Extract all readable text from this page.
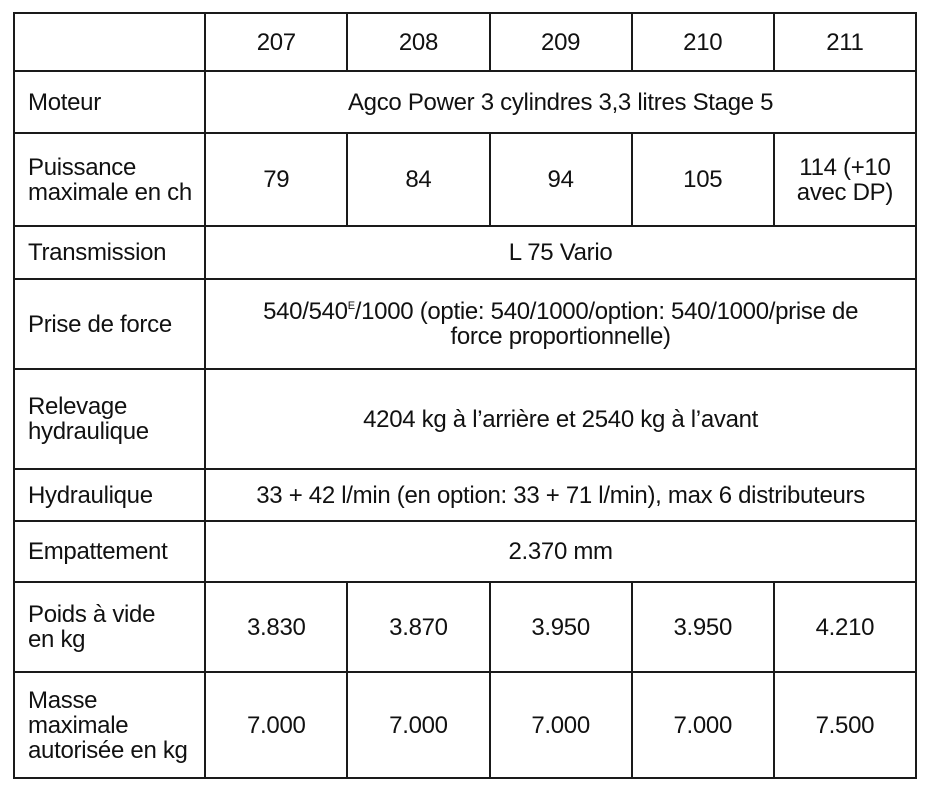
	207	208	209	210	211
Moteur	Agco Power 3 cylindres 3,3 litres Stage 5				

Puissance
maximale en ch	79	84	94	105	114 (+10
avec DP)

Transmission	L 75 Vario				
Prise de force	$540/540^E/1000$ (optie: 540/1000/option: 540/1000/prise de
force proportionnelle)				

Relevage
hydraulique	4204 kg à l’arrière et 2540 kg à l’avant				
Hydraulique	33 + 42 l/min (en option: 33 + 71 l/min), max 6 distributeurs				
Empattement	2.370 mm				

Poids à vide
en kg	3.830	3.870	3.950	3.950	4.210

Masse
maximale
autorisée en kg	7.000	7.000	7.000	7.000	7.500
